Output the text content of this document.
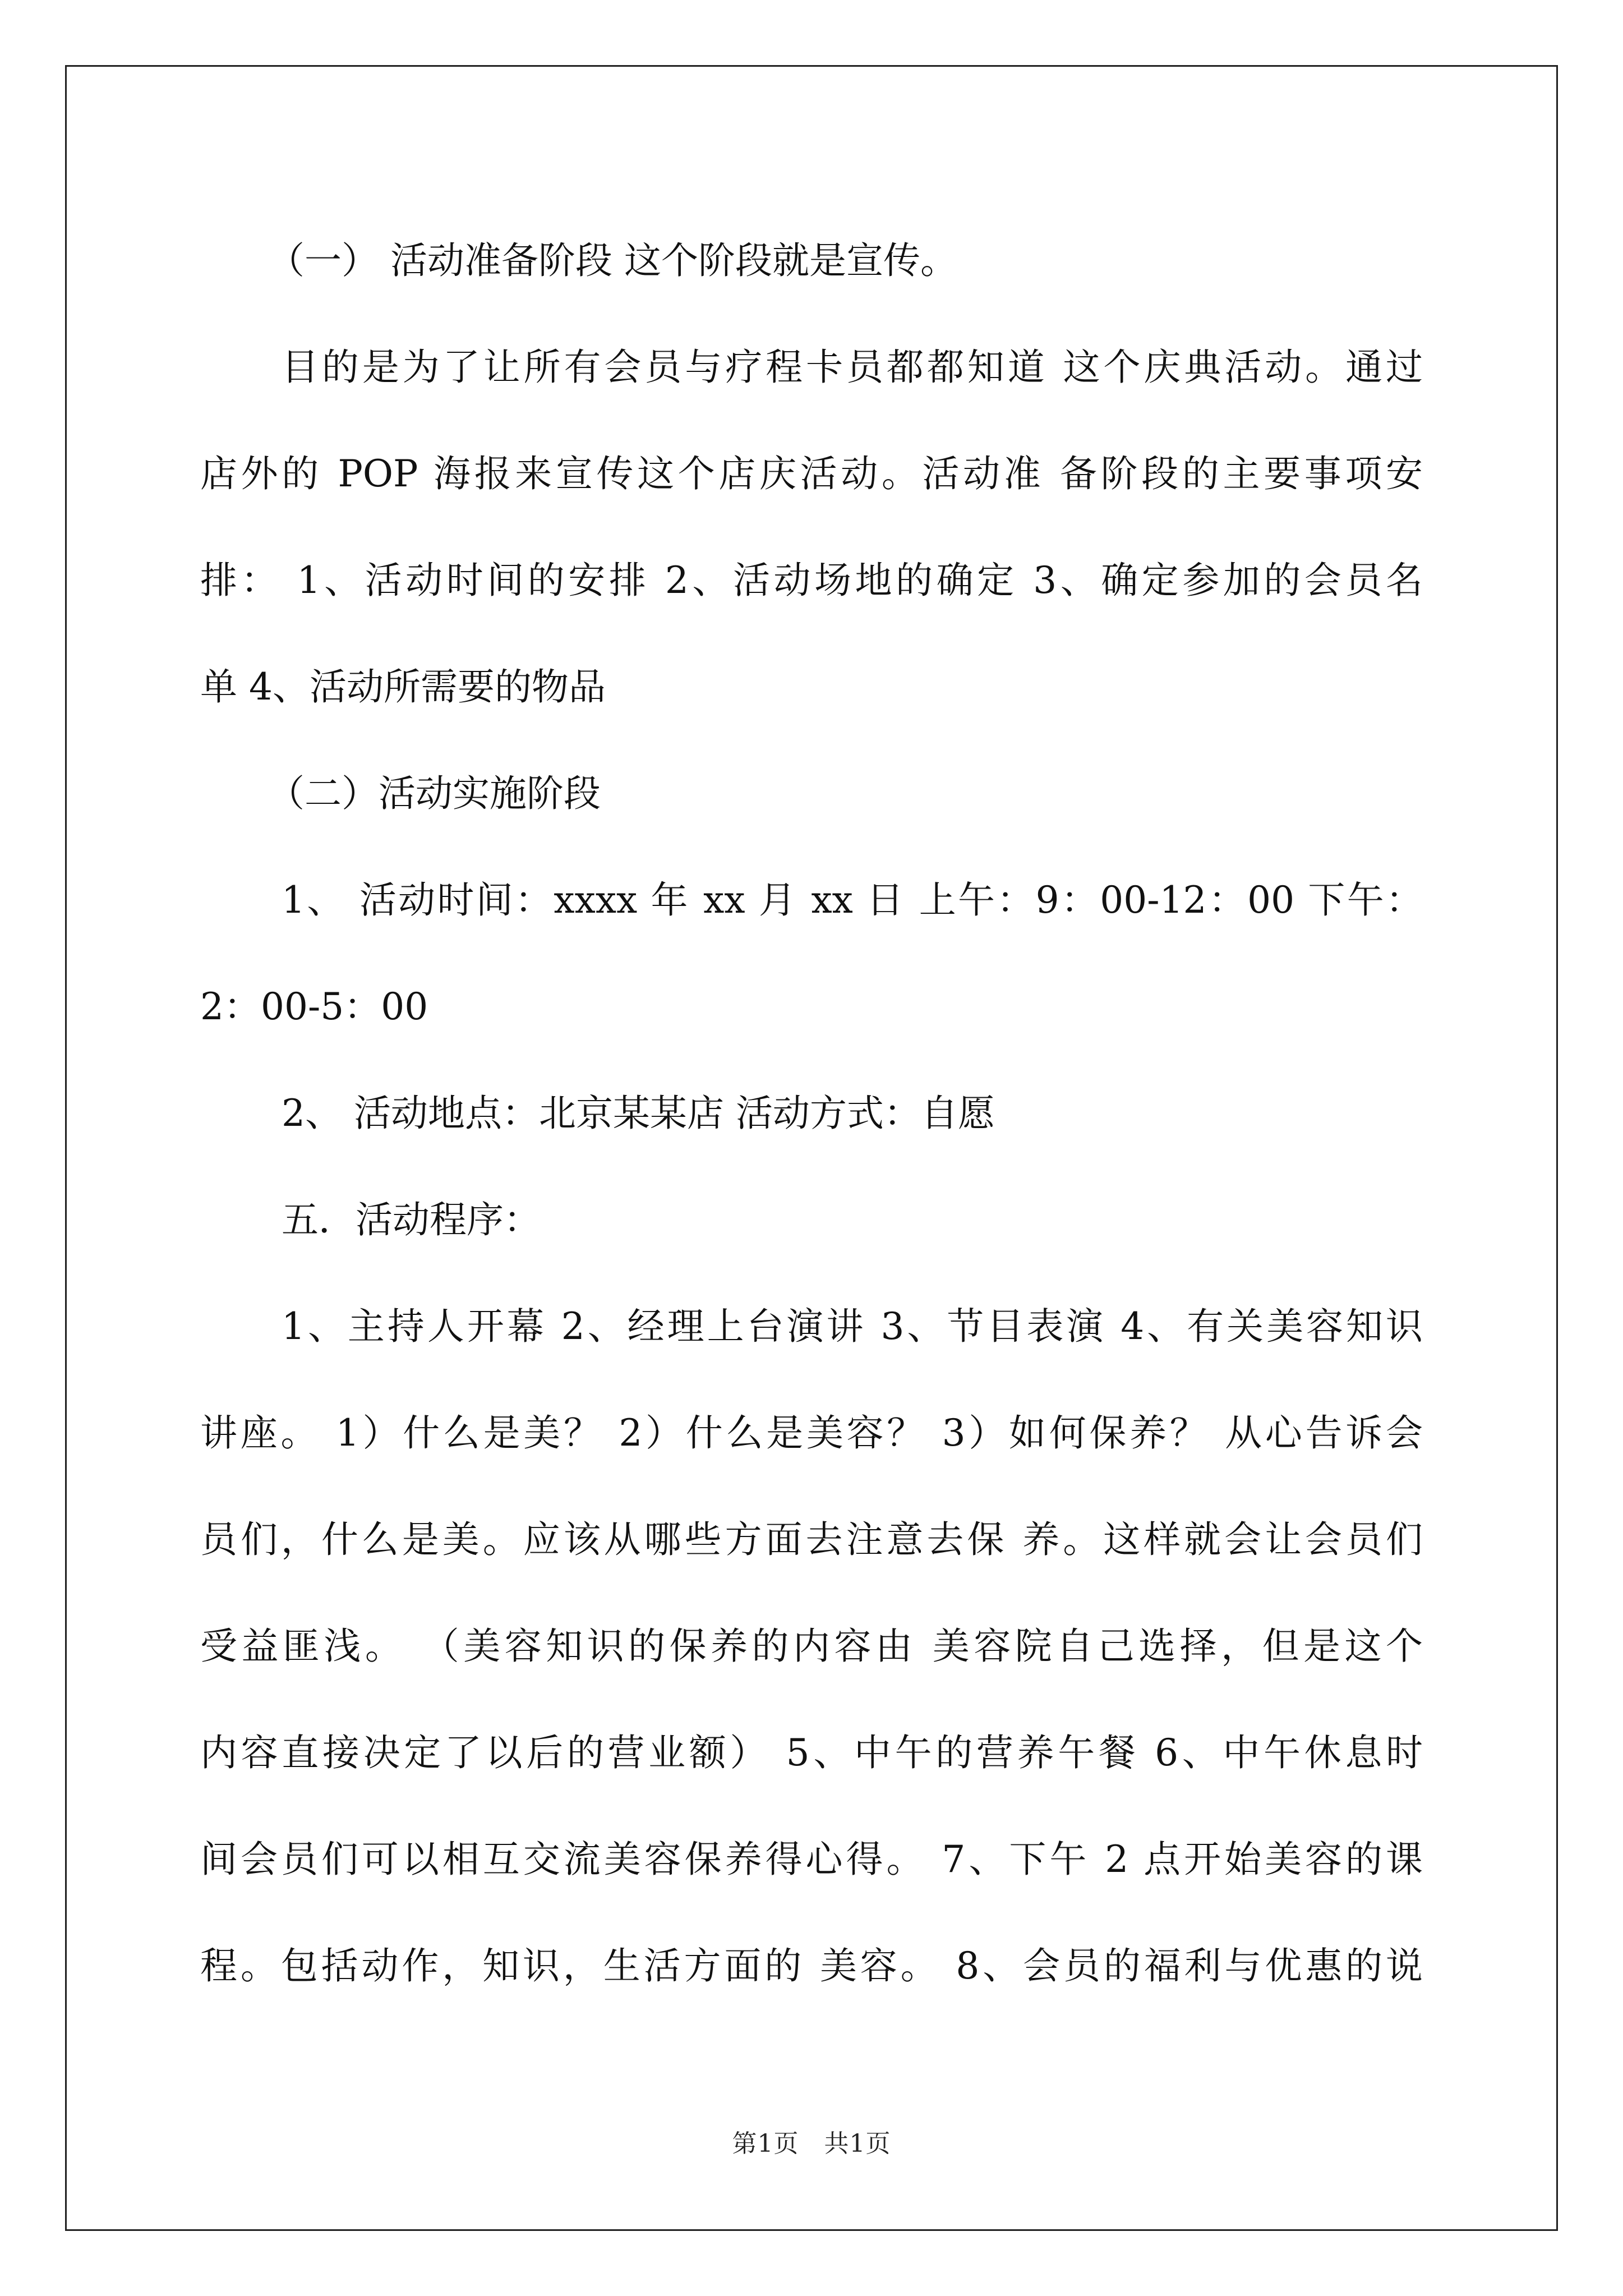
（一） 活动准备阶段 这个阶段就是宣传。
目的是为了让所有会员与疗程卡员都都知道 这个庆典活动。通过
店外的 POP 海报来宣传这个店庆活动。活动准 备阶段的主要事项安
排： 1、活动时间的安排 2、活动场地的确定 3、确定参加的会员名
单 4、活动所需要的物品
（二）活动实施阶段
1、 活动时间：xxxx 年 xx 月 xx 日 上午：9：00-12：00 下午：
2：00-5：00
2、 活动地点：北京某某店 活动方式：自愿
五．活动程序：
1、主持人开幕 2、经理上台演讲 3、节目表演 4、有关美容知识
讲座。 1）什么是美？ 2）什么是美容？ 3）如何保养？ 从心告诉会
员们，什么是美。应该从哪些方面去注意去保 养。这样就会让会员们
受益匪浅。 （美容知识的保养的内容由 美容院自己选择，但是这个
内容直接决定了以后的营业额） 5、中午的营养午餐 6、中午休息时
间会员们可以相互交流美容保养得心得。 7、下午 2 点开始美容的课
程。包括动作，知识，生活方面的 美容。 8、会员的福利与优惠的说
第1页　共1页
